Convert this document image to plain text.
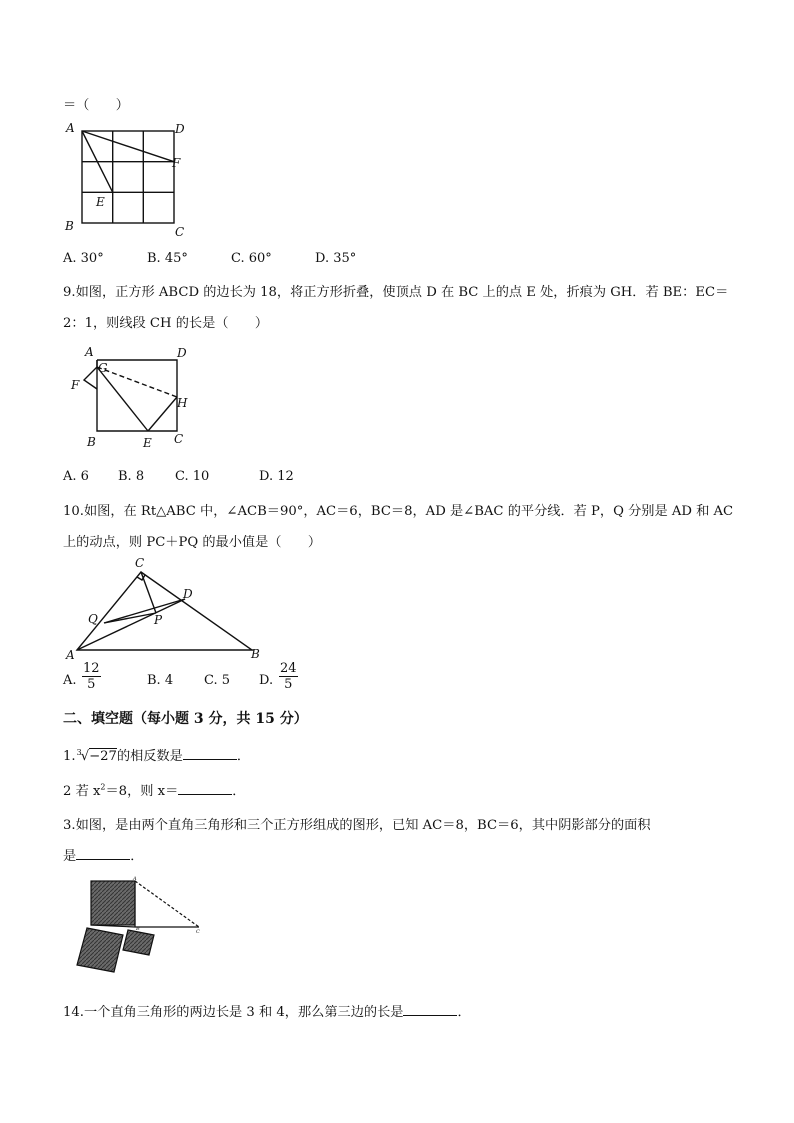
＝（　　）
A	D
F
E
B	C
A. 30°	B. 45°	C. 60°	D. 35°
9.如图，正方形 ABCD 的边长为 18，将正方形折叠，使顶点 D 在 BC 上的点 E 处，折痕为 GH．若 BE：EC＝
2：1，则线段 CH 的长是（　　）
A	D
G
F
H
B	E C
A. 6 B. 8 C. 10	D. 12
10.如图，在 Rt△ABC 中，∠ACB＝90°，AC＝6，BC＝8，AD 是∠BAC 的平分线．若 P，Q 分别是 AD 和 AC
上的动点，则 PC＋PQ 的最小值是（　　）
C
D
Q	P
A	B
A. $\frac{12}{5}$	B. 4 C. 5 D. $\frac{24}{5}$
二、填空题（每小题 3 分，共 15 分）
1.$^3$√−27的相反数是	．
2 若 $x^2=8$，则 x＝	．
3.如图，是由两个直角三角形和三个正方形组成的图形，已知 AC＝8，BC＝6，其中阴影部分的面积
是	．
A
B	C
14.一个直角三角形的两边长是 3 和 4，那么第三边的长是	．
